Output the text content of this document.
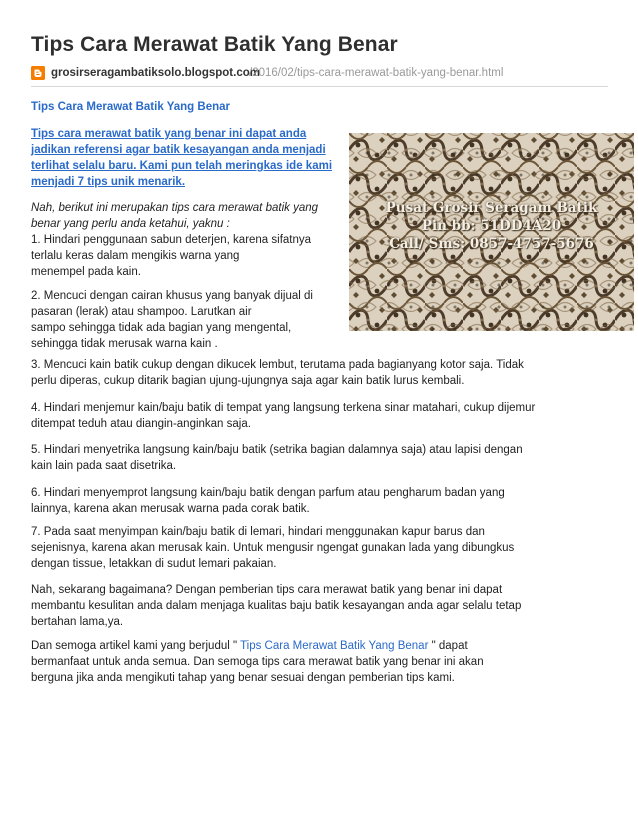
Tips Cara Merawat Batik Yang Benar
grosirseragambatiksolo.blogspot.com
/2016/02/tips-cara-merawat-batik-yang-benar.html
Tips Cara Merawat Batik Yang Benar
Tips cara merawat batik yang benar ini dapat anda
jadikan referensi agar batik kesayangan anda menjadi
terlihat selalu baru. Kami pun telah meringkas ide kami
menjadi 7 tips unik menarik.
Pusat Grosir Seragam Batik
Pin bb: 51DD4A20
Call/ Sms: 0857-4757-5676
Nah, berikut ini merupakan tips cara merawat batik yang
benar yang perlu anda ketahui, yaknu :
1. Hindari penggunaan sabun deterjen, karena sifatnya
terlalu keras dalam mengikis warna yang
menempel pada kain.
2. Mencuci dengan cairan khusus yang banyak dijual di
pasaran (lerak) atau shampoo. Larutkan air
sampo sehingga tidak ada bagian yang mengental,
sehingga tidak merusak warna kain .
3. Mencuci kain batik cukup dengan dikucek lembut, terutama pada bagianyang kotor saja. Tidak
perlu diperas, cukup ditarik bagian ujung-ujungnya saja agar kain batik lurus kembali.
4. Hindari menjemur kain/baju batik di tempat yang langsung terkena sinar matahari, cukup dijemur
ditempat teduh atau diangin-anginkan saja.
5. Hindari menyetrika langsung kain/baju batik (setrika bagian dalamnya saja) atau lapisi dengan
kain lain pada saat disetrika.
6. Hindari menyemprot langsung kain/baju batik dengan parfum atau pengharum badan yang
lainnya, karena akan merusak warna pada corak batik.
7. Pada saat menyimpan kain/baju batik di lemari, hindari menggunakan kapur barus dan
sejenisnya, karena akan merusak kain. Untuk mengusir ngengat gunakan lada yang dibungkus
dengan tissue, letakkan di sudut lemari pakaian.
Nah, sekarang bagaimana? Dengan pemberian tips cara merawat batik yang benar ini dapat
membantu kesulitan anda dalam menjaga kualitas baju batik kesayangan anda agar selalu tetap
bertahan lama,ya.
Dan semoga artikel kami yang berjudul " Tips Cara Merawat Batik Yang Benar " dapat
bermanfaat untuk anda semua. Dan semoga tips cara merawat batik yang benar ini akan
berguna jika anda mengikuti tahap yang benar sesuai dengan pemberian tips kami.
